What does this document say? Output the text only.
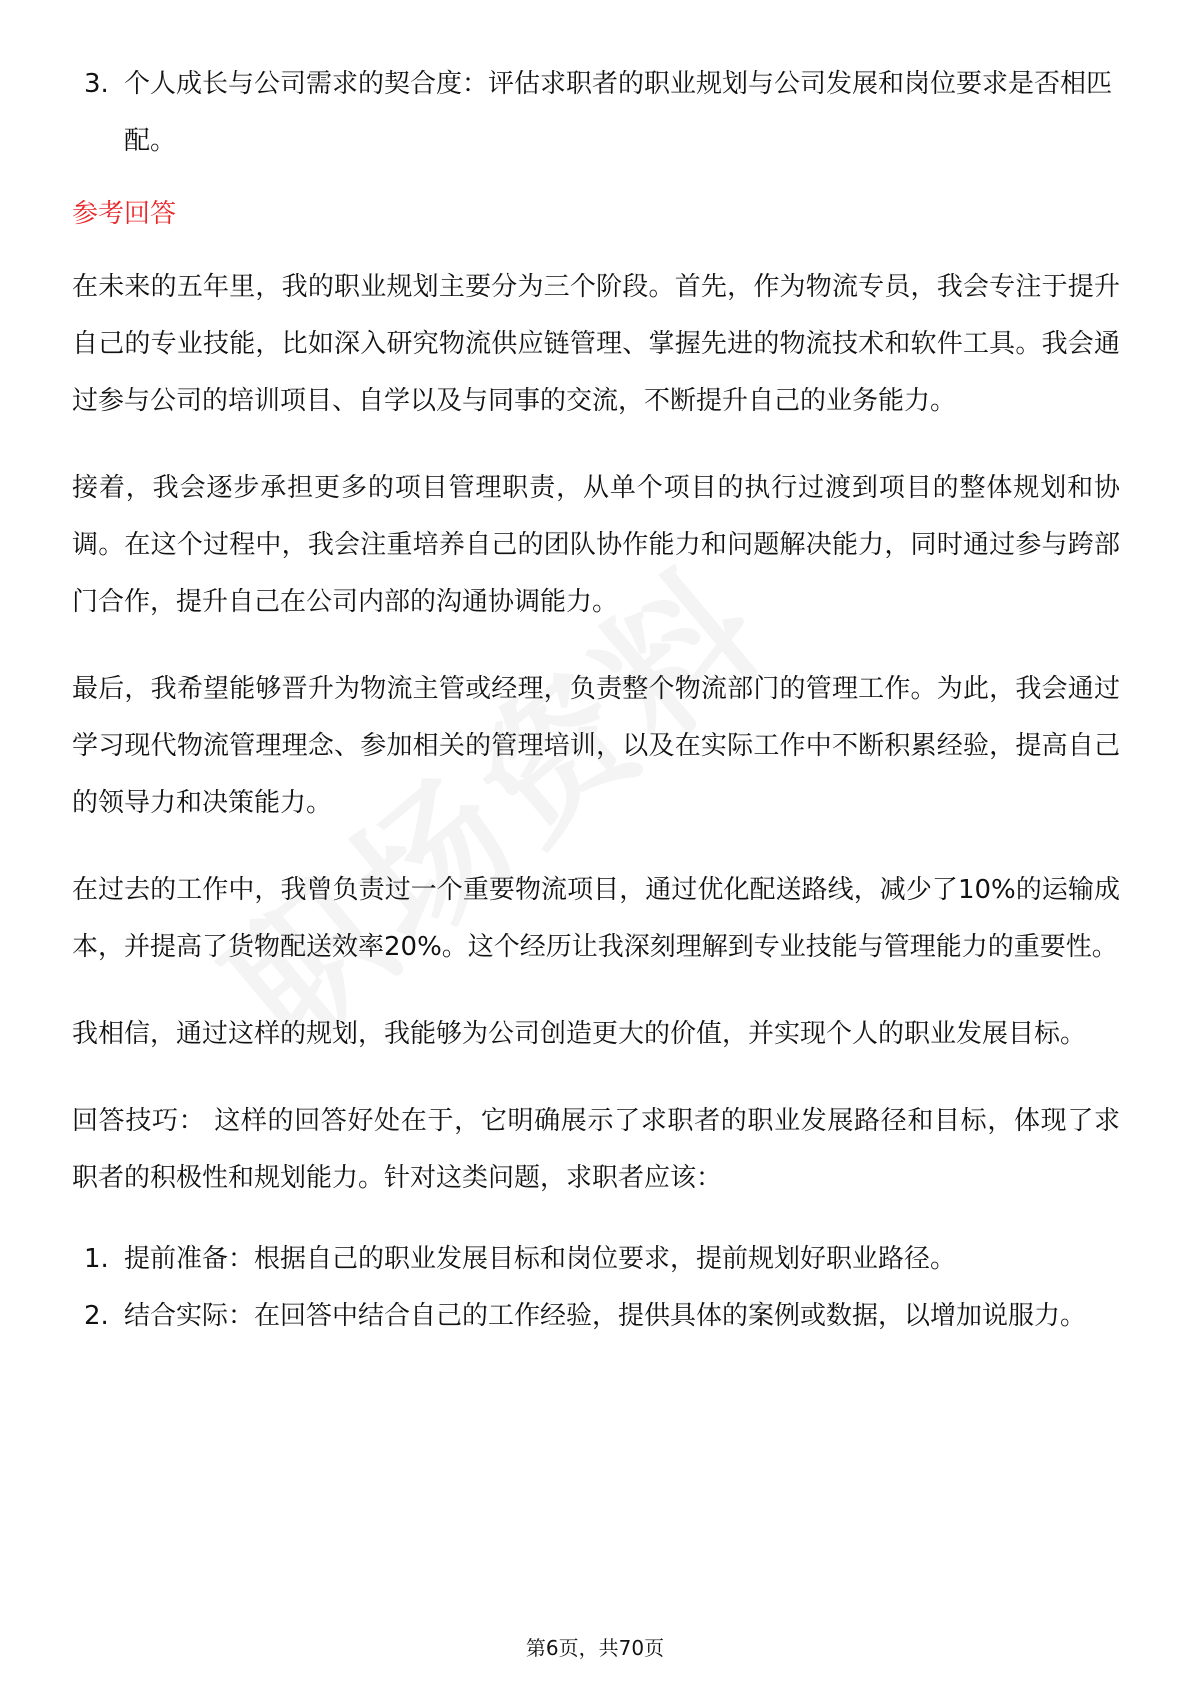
3. 个人成长与公司需求的契合度：评估求职者的职业规划与公司发展和岗位要求是否相匹配。
参考回答

在未来的五年里，我的职业规划主要分为三个阶段。首先，作为物流专员，我会专注于提升自己的专业技能，比如深入研究物流供应链管理、掌握先进的物流技术和软件工具。我会通过参与公司的培训项目、自学以及与同事的交流，不断提升自己的业务能力。

接着，我会逐步承担更多的项目管理职责，从单个项目的执行过渡到项目的整体规划和协调。在这个过程中，我会注重培养自己的团队协作能力和问题解决能力，同时通过参与跨部门合作，提升自己在公司内部的沟通协调能力。

最后，我希望能够晋升为物流主管或经理，负责整个物流部门的管理工作。为此，我会通过学习现代物流管理理念、参加相关的管理培训，以及在实际工作中不断积累经验，提高自己的领导力和决策能力。

在过去的工作中，我曾负责过一个重要物流项目，通过优化配送路线，减少了10%的运输成本，并提高了货物配送效率20%。这个经历让我深刻理解到专业技能与管理能力的重要性。

我相信，通过这样的规划，我能够为公司创造更大的价值，并实现个人的职业发展目标。

回答技巧： 这样的回答好处在于，它明确展示了求职者的职业发展路径和目标，体现了求职者的积极性和规划能力。针对这类问题，求职者应该：

1. 提前准备：根据自己的职业发展目标和岗位要求，提前规划好职业路径。
2. 结合实际：在回答中结合自己的工作经验，提供具体的案例或数据，以增加说服力。
第6页，共70页
